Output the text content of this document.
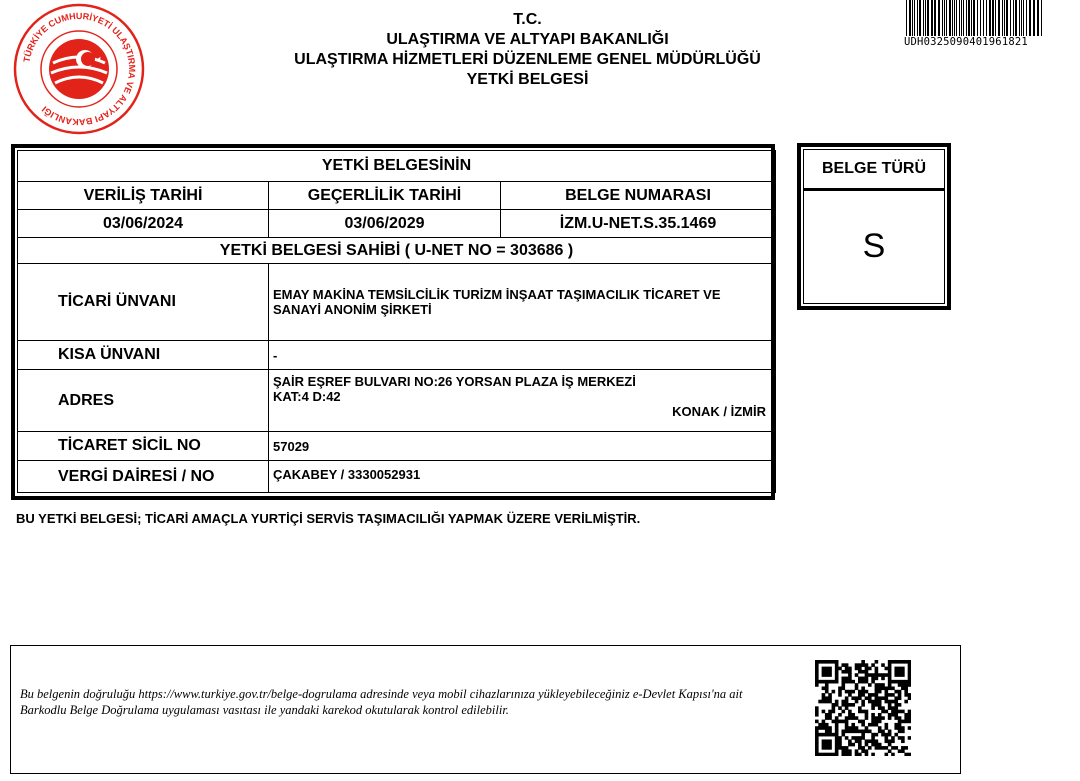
TÜRKİYE CUMHURİYETİ ULAŞTIRMA VE ALTYAPI BAKANLIĞI
T.C.
ULAŞTIRMA VE ALTYAPI BAKANLIĞI
ULAŞTIRMA HİZMETLERİ DÜZENLEME GENEL MÜDÜRLÜĞÜ
YETKİ BELGESİ
UDH0325090401961821
YETKİ BELGESİNİN		
VERİLİŞ TARİHİ	GEÇERLİLİK TARİHİ	BELGE NUMARASI
03/06/2024	03/06/2029	İZM.U-NET.S.35.1469
YETKİ BELGESİ SAHİBİ ( U-NET NO = 303686 )		
TİCARİ ÜNVANI	EMAY MAKİNA TEMSİLCİLİK TURİZM İNŞAAT TAŞIMACILIK TİCARET VE SANAYİ ANONİM ŞİRKETİ	
KISA ÜNVANI	-	
ADRES	ŞAİR EŞREF BULVARI NO:26 YORSAN PLAZA İŞ MERKEZİ KAT:4 D:42
KONAK / İZMİR	

TİCARET SİCİL NO	57029	
VERGİ DAİRESİ / NO	ÇAKABEY / 3330052931	
BELGE TÜRÜ
S
BU YETKİ BELGESİ; TİCARİ AMAÇLA YURTİÇİ SERVİS TAŞIMACILIĞI YAPMAK ÜZERE VERİLMİŞTİR.
Bu belgenin doğruluğu https://www.turkiye.gov.tr/belge-dogrulama adresinde veya mobil cihazlarınıza yükleyebileceğiniz e-Devlet Kapısı'na ait Barkodlu Belge Doğrulama uygulaması vasıtası ile yandaki karekod okutularak kontrol edilebilir.
